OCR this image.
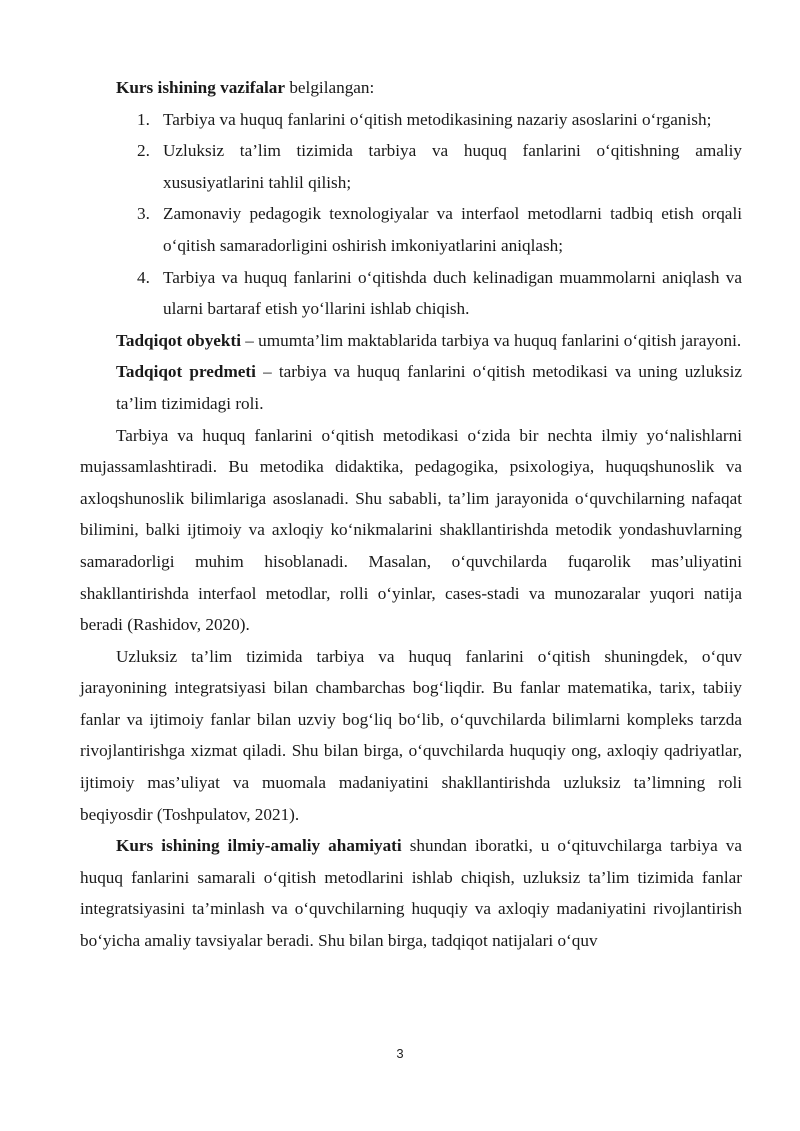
Kurs ishining vazifalar belgilangan:

1. Tarbiya va huquq fanlarini o‘qitish metodikasining nazariy asoslarini o‘rganish;
2. Uzluksiz ta’lim tizimida tarbiya va huquq fanlarini o‘qitishning amaliy xususiyatlarini tahlil qilish;
3. Zamonaviy pedagogik texnologiyalar va interfaol metodlarni tadbiq etish orqali o‘qitish samaradorligini oshirish imkoniyatlarini aniqlash;
4. Tarbiya va huquq fanlarini o‘qitishda duch kelinadigan muammolarni aniqlash va ularni bartaraf etish yo‘llarini ishlab chiqish.

Tadqiqot obyekti – umumta’lim maktablarida tarbiya va huquq fanlarini o‘qitish jarayoni.

Tadqiqot predmeti – tarbiya va huquq fanlarini o‘qitish metodikasi va uning uzluksiz ta’lim tizimidagi roli.

Tarbiya va huquq fanlarini o‘qitish metodikasi o‘zida bir nechta ilmiy yo‘nalishlarni mujassamlashtiradi. Bu metodika didaktika, pedagogika, psixologiya, huquqshunoslik va axloqshunoslik bilimlariga asoslanadi. Shu sababli, ta’lim jarayonida o‘quvchilarning nafaqat bilimini, balki ijtimoiy va axloqiy ko‘nikmalarini shakllantirishda metodik yondashuvlarning samaradorligi muhim hisoblanadi. Masalan, o‘quvchilarda fuqarolik mas’uliyatini shakllantirishda interfaol metodlar, rolli o‘yinlar, cases-stadi va munozaralar yuqori natija beradi (Rashidov, 2020).

Uzluksiz ta’lim tizimida tarbiya va huquq fanlarini o‘qitish shuningdek, o‘quv jarayonining integratsiyasi bilan chambarchas bog‘liqdir. Bu fanlar matematika, tarix, tabiiy fanlar va ijtimoiy fanlar bilan uzviy bog‘liq bo‘lib, o‘quvchilarda bilimlarni kompleks tarzda rivojlantirishga xizmat qiladi. Shu bilan birga, o‘quvchilarda huquqiy ong, axloqiy qadriyatlar, ijtimoiy mas’uliyat va muomala madaniyatini shakllantirishda uzluksiz ta’limning roli beqiyosdir (Toshpulatov, 2021).

Kurs ishining ilmiy-amaliy ahamiyati shundan iboratki, u o‘qituvchilarga tarbiya va huquq fanlarini samarali o‘qitish metodlarini ishlab chiqish, uzluksiz ta’lim tizimida fanlar integratsiyasini ta’minlash va o‘quvchilarning huquqiy va axloqiy madaniyatini rivojlantirish bo‘yicha amaliy tavsiyalar beradi. Shu bilan birga, tadqiqot natijalari o‘quv

3
